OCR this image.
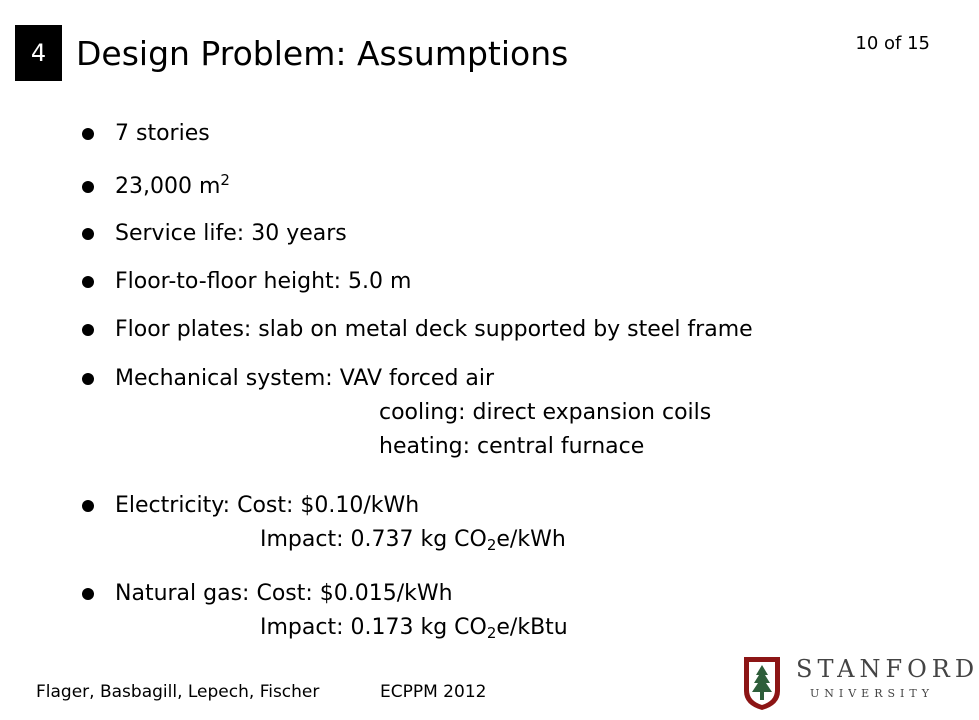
4 Design Problem: Assumptions	10 of 15
7 stories
23,000 $m^2$
Service life: 30 years
Floor-to-floor height: 5.0 m
Floor plates: slab on metal deck supported by steel frame
Mechanical system: VAV forced air
cooling: direct expansion coils
heating: central furnace
Electricity: Cost: $0.10/kWh
Impact: 0.737 kg $CO_2e$/kWh
Natural gas: Cost: $0.015/kWh
Impact: 0.173 kg $CO_2e$/kBtu
Flager, Basbagill, Lepech, Fischer	ECPPM 2012
STANFORD
UNIVERSITY
